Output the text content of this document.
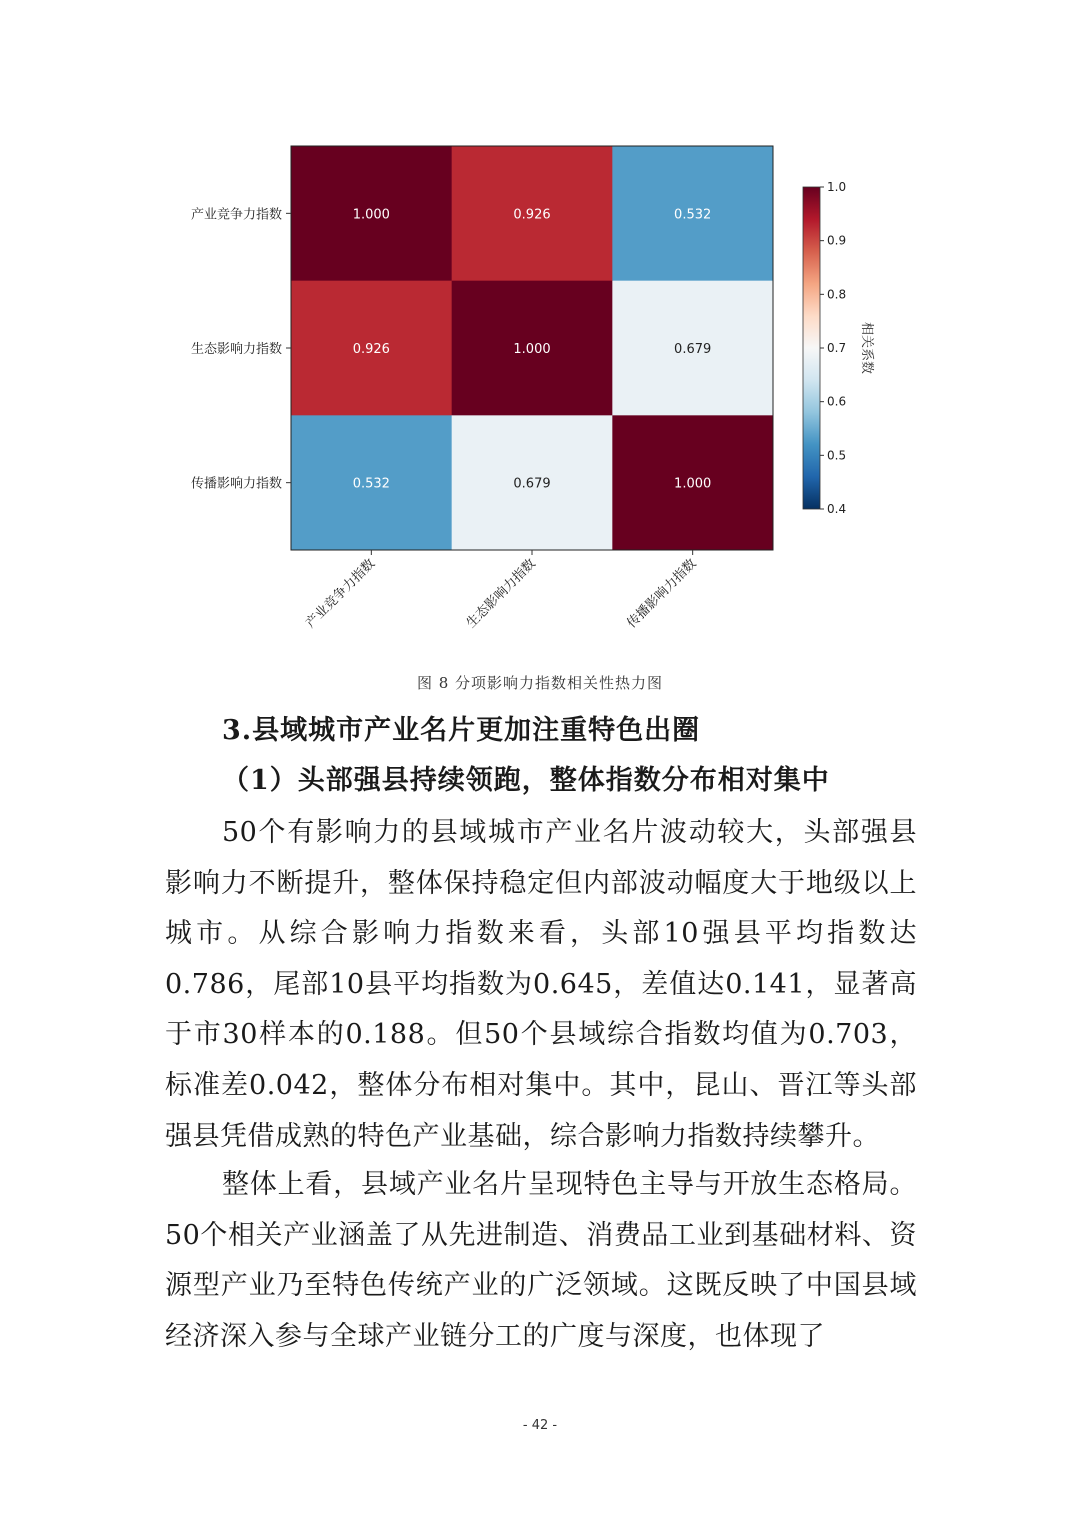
1.000	0.926	0.532
0.926	1.000	0.679
0.532	0.679	1.000
产业竞争力指数
生态影响力指数
传播影响力指数
产业竞争力指数	生态影响力指数	传播影响力指数
1.0
0.9
0.8
0.7
0.6
0.5
0.4
相关系数
图 8 分项影响力指数相关性热力图
3.县域城市产业名片更加注重特色出圈
（1）头部强县持续领跑，整体指数分布相对集中

50个有影响力的县域城市产业名片波动较大，头部强县影响力不断提升，整体保持稳定但内部波动幅度大于地级以上城市。从综合影响力指数来看，头部10强县平均指数达0.786，尾部10县平均指数为0.645，差值达0.141，显著高于市30样本的0.188。但50个县域综合指数均值为0.703，标准差0.042，整体分布相对集中。其中，昆山、晋江等头部强县凭借成熟的特色产业基础，综合影响力指数持续攀升。

整体上看，县域产业名片呈现特色主导与开放生态格局。50个相关产业涵盖了从先进制造、消费品工业到基础材料、资源型产业乃至特色传统产业的广泛领域。这既反映了中国县域经济深入参与全球产业链分工的广度与深度，也体现了

- 42 -
